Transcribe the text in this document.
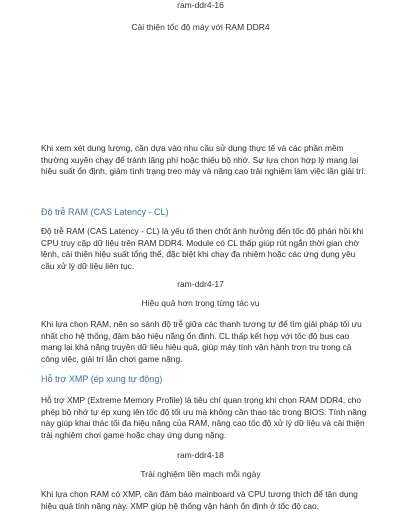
ram-ddr4-16
Cải thiện tốc độ máy với RAM DDR4

Khi xem xét dung lượng, cần dựa vào nhu cầu sử dụng thực tế và các phần mềm thường xuyên chạy để tránh lãng phí hoặc thiếu bộ nhớ. Sự lựa chọn hợp lý mang lại hiệu suất ổn định, giảm tình trạng treo máy và nâng cao trải nghiệm làm việc lần giải trí.

Độ trễ RAM (CAS Latency - CL)

Độ trễ RAM (CAS Latency - CL) là yếu tố then chốt ảnh hưởng đến tốc độ phản hồi khi CPU truy cập dữ liệu trên RAM DDR4. Module có CL thấp giúp rút ngắn thời gian chờ lệnh, cải thiện hiệu suất tổng thể, đặc biệt khi chạy đa nhiệm hoặc các ứng dụng yêu cầu xử lý dữ liệu liên tục.

ram-ddr4-17
Hiệu quả hơn trong từng tác vụ

Khi lựa chọn RAM, nên so sánh độ trễ giữa các thanh tương tự để tìm giải pháp tối ưu nhất cho hệ thống, đảm bảo hiệu năng ổn định. CL thấp kết hợp với tốc độ bus cao mang lại khả năng truyền dữ liệu hiệu quả, giúp máy tính vận hành trơn tru trong cả công việc, giải trí lẫn chơi game nặng.

Hỗ trợ XMP (ép xung tự động)

Hỗ trợ XMP (Extreme Memory Profile) là tiêu chí quan trọng khi chọn RAM DDR4, cho phép bộ nhớ tự ép xung lên tốc độ tối ưu mà không cần thao tác trong BIOS. Tính năng này giúp khai thác tối đa hiệu năng của RAM, nâng cao tốc độ xử lý dữ liệu và cải thiện trải nghiệm chơi game hoặc chạy ứng dụng nặng.

ram-ddr4-18
Trải nghiệm liền mạch mỗi ngày

Khi lựa chọn RAM có XMP, cần đảm bảo mainboard và CPU tương thích để tận dụng hiệu quả tính năng này. XMP giúp hệ thống vận hành ổn định ở tốc độ cao,
